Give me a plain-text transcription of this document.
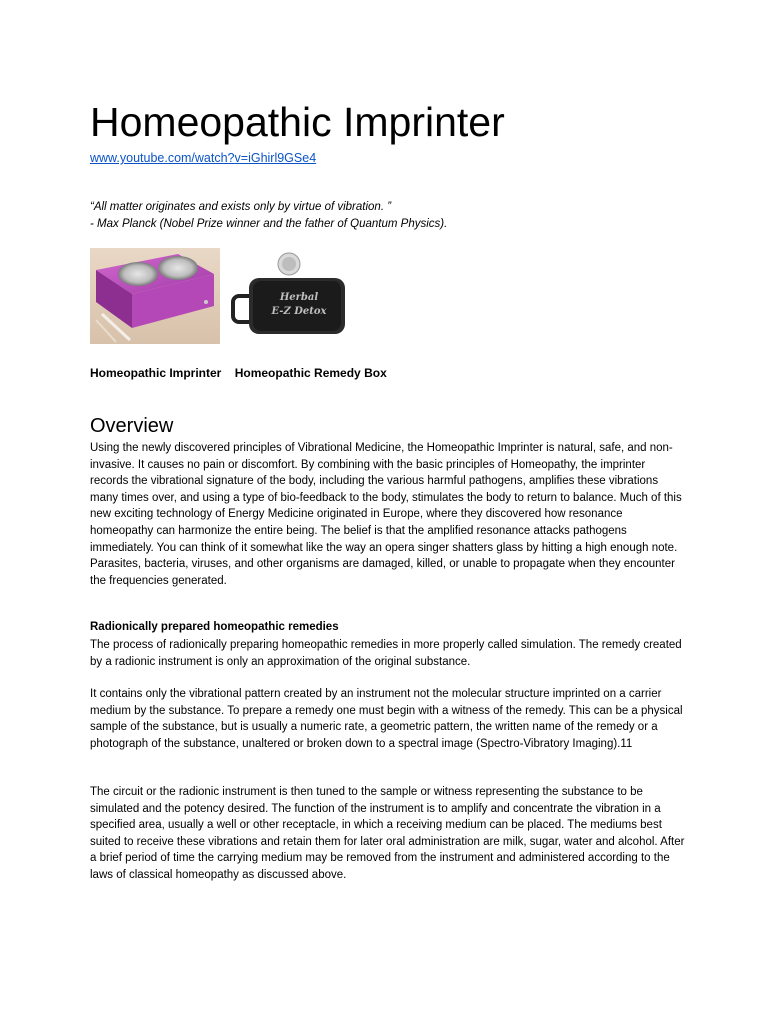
Homeopathic Imprinter
www.youtube.com/watch?v=iGhirl9GSe4
“All matter originates and exists only by virtue of vibration. ”
- Max Planck (Nobel Prize winner and the father of Quantum Physics).
Herbal
E-Z Detox
Homeopathic Imprinter Homeopathic Remedy Box
Overview

Using the newly discovered principles of Vibrational Medicine, the Homeopathic Imprinter is natural, safe, and non-invasive. It causes no pain or discomfort. By combining with the basic principles of Homeopathy, the imprinter records the vibrational signature of the body, including the various harmful pathogens, amplifies these vibrations many times over, and using a type of bio-feedback to the body, stimulates the body to return to balance. Much of this new exciting technology of Energy Medicine originated in Europe, where they discovered how resonance homeopathy can harmonize the entire being. The belief is that the amplified resonance attacks pathogens immediately. You can think of it somewhat like the way an opera singer shatters glass by hitting a high enough note. Parasites, bacteria, viruses, and other organisms are damaged, killed, or unable to propagate when they encounter the frequencies generated.

Radionically prepared homeopathic remedies

The process of radionically preparing homeopathic remedies in more properly called simulation. The remedy created by a radionic instrument is only an approximation of the original substance.

It contains only the vibrational pattern created by an instrument not the molecular structure imprinted on a carrier medium by the substance. To prepare a remedy one must begin with a witness of the remedy. This can be a physical sample of the substance, but is usually a numeric rate, a geometric pattern, the written name of the remedy or a photograph of the substance, unaltered or broken down to a spectral image (Spectro-Vibratory Imaging).11

The circuit or the radionic instrument is then tuned to the sample or witness representing the substance to be simulated and the potency desired. The function of the instrument is to amplify and concentrate the vibration in a specified area, usually a well or other receptacle, in which a receiving medium can be placed. The mediums best suited to receive these vibrations and retain them for later oral administration are milk, sugar, water and alcohol. After a brief period of time the carrying medium may be removed from the instrument and administered according to the laws of classical homeopathy as discussed above.
